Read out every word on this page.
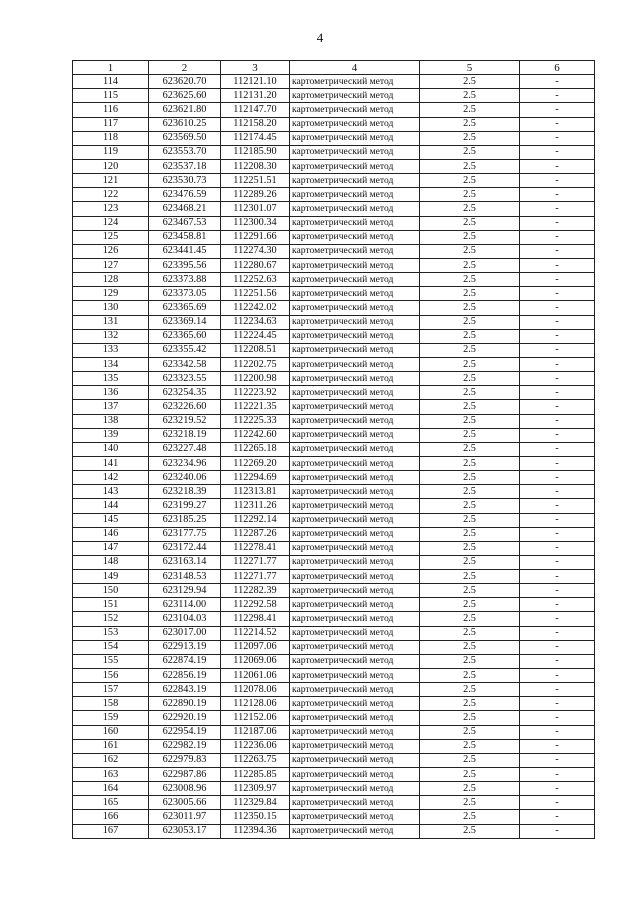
4
1	2	3	4	5	6
114	623620.70	112121.10	картометрический метод	2.5	-
115	623625.60	112131.20	картометрический метод	2.5	-
116	623621.80	112147.70	картометрический метод	2.5	-
117	623610.25	112158.20	картометрический метод	2.5	-
118	623569.50	112174.45	картометрический метод	2.5	-
119	623553.70	112185.90	картометрический метод	2.5	-
120	623537.18	112208.30	картометрический метод	2.5	-
121	623530.73	112251.51	картометрический метод	2.5	-
122	623476.59	112289.26	картометрический метод	2.5	-
123	623468.21	112301.07	картометрический метод	2.5	-
124	623467.53	112300.34	картометрический метод	2.5	-
125	623458.81	112291.66	картометрический метод	2.5	-
126	623441.45	112274.30	картометрический метод	2.5	-
127	623395.56	112280.67	картометрический метод	2.5	-
128	623373.88	112252.63	картометрический метод	2.5	-
129	623373.05	112251.56	картометрический метод	2.5	-
130	623365.69	112242.02	картометрический метод	2.5	-
131	623369.14	112234.63	картометрический метод	2.5	-
132	623365.60	112224.45	картометрический метод	2.5	-
133	623355.42	112208.51	картометрический метод	2.5	-
134	623342.58	112202.75	картометрический метод	2.5	-
135	623323.55	112200.98	картометрический метод	2.5	-
136	623254.35	112223.92	картометрический метод	2.5	-
137	623226.60	112221.35	картометрический метод	2.5	-
138	623219.52	112225.33	картометрический метод	2.5	-
139	623218.19	112242.60	картометрический метод	2.5	-
140	623227.48	112265.18	картометрический метод	2.5	-
141	623234.96	112269.20	картометрический метод	2.5	-
142	623240.06	112294.69	картометрический метод	2.5	-
143	623218.39	112313.81	картометрический метод	2.5	-
144	623199.27	112311.26	картометрический метод	2.5	-
145	623185.25	112292.14	картометрический метод	2.5	-
146	623177.75	112287.26	картометрический метод	2.5	-
147	623172.44	112278.41	картометрический метод	2.5	-
148	623163.14	112271.77	картометрический метод	2.5	-
149	623148.53	112271.77	картометрический метод	2.5	-
150	623129.94	112282.39	картометрический метод	2.5	-
151	623114.00	112292.58	картометрический метод	2.5	-
152	623104.03	112298.41	картометрический метод	2.5	-
153	623017.00	112214.52	картометрический метод	2.5	-
154	622913.19	112097.06	картометрический метод	2.5	-
155	622874.19	112069.06	картометрический метод	2.5	-
156	622856.19	112061.06	картометрический метод	2.5	-
157	622843.19	112078.06	картометрический метод	2.5	-
158	622890.19	112128.06	картометрический метод	2.5	-
159	622920.19	112152.06	картометрический метод	2.5	-
160	622954.19	112187.06	картометрический метод	2.5	-
161	622982.19	112236.06	картометрический метод	2.5	-
162	622979.83	112263.75	картометрический метод	2.5	-
163	622987.86	112285.85	картометрический метод	2.5	-
164	623008.96	112309.97	картометрический метод	2.5	-
165	623005.66	112329.84	картометрический метод	2.5	-
166	623011.97	112350.15	картометрический метод	2.5	-
167	623053.17	112394.36	картометрический метод	2.5	-
